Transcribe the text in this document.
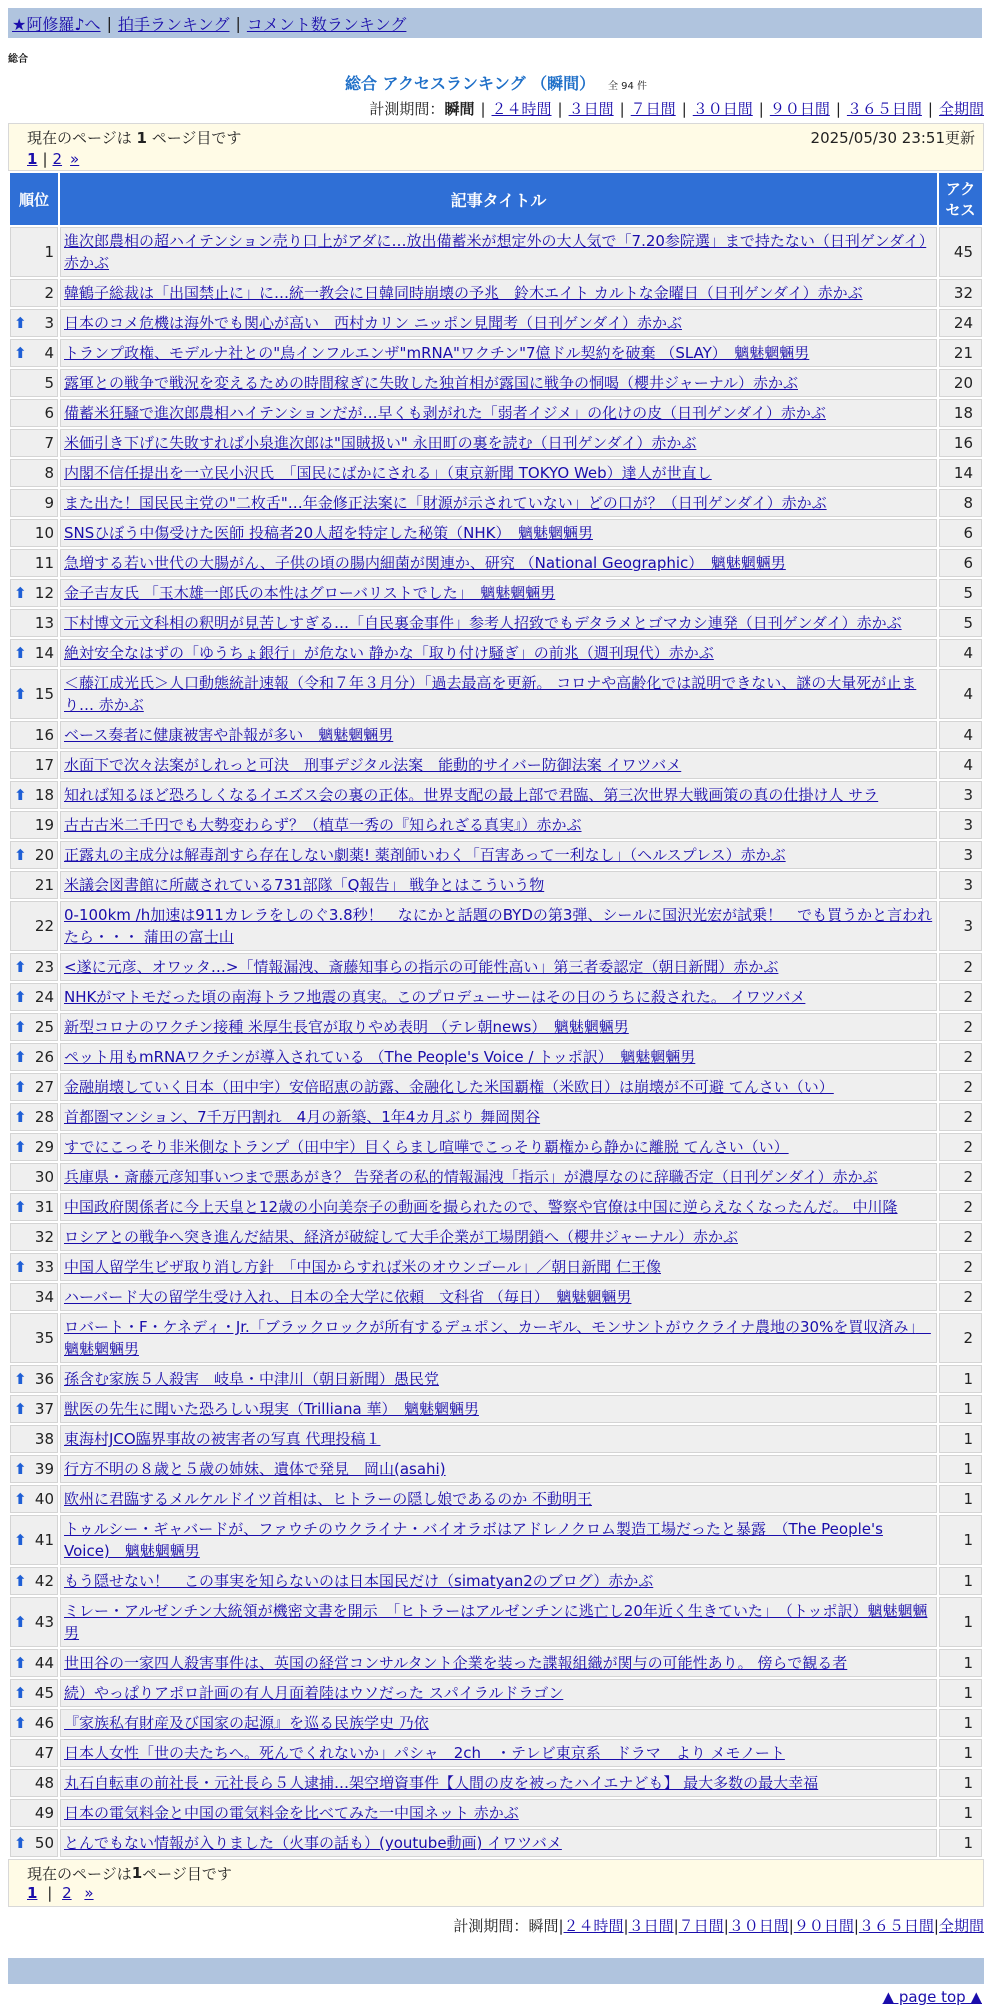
★阿修羅♪へ | 拍手ランキング | コメント数ランキング
総合
総合 アクセスランキング （瞬間） 全 94 件
計測期間：瞬間 | ２４時間 | ３日間 | ７日間 | ３０日間 | ９０日間 | ３６５日間 | 全期間
現在のページは 1 ページ目です	2025/05/30 23:51更新
1 | 2 »
順位	記事タイトル	アクセス
1	進次郎農相の超ハイテンション売り口上がアダに…放出備蓄米が想定外の大人気で「7.20参院選」まで持たない（日刊ゲンダイ）赤かぶ	45
2	韓鶴子総裁は「出国禁止に」に…統一教会に日韓同時崩壊の予兆　鈴木エイト カルトな金曜日（日刊ゲンダイ）赤かぶ	32

⬆ 3	日本のコメ危機は海外でも関心が高い　西村カリン ニッポン見聞考（日刊ゲンダイ）赤かぶ	24

⬆ 4	トランプ政権、モデルナ社との"鳥インフルエンザ"mRNA"ワクチン"7億ドル契約を破棄 （SLAY）　魑魅魍魎男	21
5	露軍との戦争で戦況を変えるための時間稼ぎに失敗した独首相が露国に戦争の恫喝（櫻井ジャーナル）赤かぶ	20
6	備蓄米狂騒で進次郎農相ハイテンションだが…早くも剥がれた「弱者イジメ」の化けの皮（日刊ゲンダイ）赤かぶ	18
7	米価引き下げに失敗すれば小泉進次郎は"国賊扱い" 永田町の裏を読む（日刊ゲンダイ）赤かぶ	16
8	内閣不信任提出を一立民小沢氏　「国民にばかにされる」（東京新聞 TOKYO Web）達人が世直し	14
9	また出た！国民民主党の"二枚舌"…年金修正法案に「財源が示されていない」どの口が？（日刊ゲンダイ）赤かぶ	8
10	SNSひぼう中傷受けた医師 投稿者20人超を特定した秘策（NHK）　魑魅魍魎男	6
11	急増する若い世代の大腸がん、子供の頃の腸内細菌が関連か、研究 （National Geographic）　魑魅魍魎男	6

⬆ 12	金子吉友氏 「玉木雄一郎氏の本性はグローバリストでした」　魑魅魍魎男	5
13	下村博文元文科相の釈明が見苦しすぎる…「自民裏金事件」参考人招致でもデタラメとゴマカシ連発（日刊ゲンダイ）赤かぶ	5

⬆ 14	絶対安全なはずの「ゆうちょ銀行」が危ない 静かな「取り付け騒ぎ」の前兆（週刊現代）赤かぶ	4

⬆ 15	＜藤江成光氏＞人口動態統計速報（令和７年３月分）「過去最高を更新。 コロナや高齢化では説明できない、謎の大量死が止まり… 赤かぶ	4
16	ベース奏者に健康被害や訃報が多い　魑魅魍魎男	4
17	水面下で次々法案がしれっと可決　刑事デジタル法案　能動的サイバー防御法案 イワツバメ	4

⬆ 18	知れば知るほど恐ろしくなるイエズス会の裏の正体。世界支配の最上部で君臨、第三次世界大戦画策の真の仕掛け人 サラ	3
19	古古古米二千円でも大勢変わらず？（植草一秀の『知られざる真実』）赤かぶ	3

⬆ 20	正露丸の主成分は解毒剤すら存在しない劇薬! 薬剤師いわく「百害あって一利なし」（ヘルスプレス）赤かぶ	3
21	米議会図書館に所蔵されている731部隊「Q報告」 戦争とはこういう物	3
22	0-100km /h加速は911カレラをしのぐ3.8秒！　なにかと話題のBYDの第3弾、シールに国沢光宏が試乗！　でも買うかと言われたら・・・ 蒲田の富士山	3

⬆ 23	<遂に元彦、オワッタ…>「情報漏洩、斎藤知事らの指示の可能性高い」第三者委認定（朝日新聞）赤かぶ	2

⬆ 24	NHKがマトモだった頃の南海トラフ地震の真実。このプロデューサーはその日のうちに殺された。 イワツバメ	2

⬆ 25	新型コロナのワクチン接種 米厚生長官が取りやめ表明 （テレ朝news）　魑魅魍魎男	2

⬆ 26	ペット用もmRNAワクチンが導入されている （The People's Voice / トッポ訳）　魑魅魍魎男	2

⬆ 27	金融崩壊していく日本（田中宇）安倍昭恵の訪露、金融化した米国覇権（米欧日）は崩壊が不可避 てんさい（い）	2

⬆ 28	首都圏マンション、7千万円割れ　4月の新築、1年4カ月ぶり 舞岡関谷	2

⬆ 29	すでにこっそり非米側なトランプ（田中宇）目くらまし喧嘩でこっそり覇権から静かに離脱 てんさい（い）	2
30	兵庫県・斎藤元彦知事いつまで悪あがき？ 告発者の私的情報漏洩「指示」が濃厚なのに辞職否定（日刊ゲンダイ）赤かぶ	2

⬆ 31	中国政府関係者に今上天皇と12歳の小向美奈子の動画を撮られたので、警察や官僚は中国に逆らえなくなったんだ。 中川隆	2
32	ロシアとの戦争へ突き進んだ結果、経済が破綻して大手企業が工場閉鎖へ（櫻井ジャーナル）赤かぶ	2

⬆ 33	中国人留学生ビザ取り消し方針　「中国からすれば米のオウンゴール」／朝日新聞 仁王像	2
34	ハーバード大の留学生受け入れ、日本の全大学に依頼　文科省 （毎日）　魑魅魍魎男	2
35	ロバート・F・ケネディ・Jr.「ブラックロックが所有するデュポン、カーギル、モンサントがウクライナ農地の30%を買収済み」　魑魅魍魎男	2

⬆ 36	孫含む家族５人殺害　岐阜・中津川（朝日新聞）愚民党	1

⬆ 37	獣医の先生に聞いた恐ろしい現実（Trilliana 華）　魑魅魍魎男	1
38	東海村JCO臨界事故の被害者の写真 代理投稿１	1

⬆ 39	行方不明の８歳と５歳の姉妹、遺体で発見　岡山(asahi)	1

⬆ 40	欧州に君臨するメルケルドイツ首相は、ヒトラーの隠し娘であるのか 不動明王	1

⬆ 41	トゥルシー・ギャバードが、ファウチのウクライナ・バイオラボはアドレノクロム製造工場だったと暴露　（The People's Voice)　魑魅魍魎男	1

⬆ 42	もう隠せない！　この事実を知らないのは日本国民だけ（simatyan2のブログ）赤かぶ	1

⬆ 43	ミレー・アルゼンチン大統領が機密文書を開示　「ヒトラーはアルゼンチンに逃亡し20年近く生きていた」　（トッポ訳）魑魅魍魎男	1

⬆ 44	世田谷の一家四人殺害事件は、英国の経営コンサルタント企業を装った諜報組織が関与の可能性あり。 傍らで観る者	1

⬆ 45	続）やっぱりアポロ計画の有人月面着陸はウソだった スパイラルドラゴン	1

⬆ 46	『家族私有財産及び国家の起源』を巡る民族学史 乃依	1
47	日本人女性「世の夫たちへ。死んでくれないか」パシャ　2ch　・テレビ東京系　ドラマ　より メモノート	1
48	丸石自転車の前社長・元社長ら５人逮捕…架空増資事件【人間の皮を被ったハイエナども】 最大多数の最大幸福	1
49	日本の電気料金と中国の電気料金を比べてみた一中国ネット 赤かぶ	1

⬆ 50	とんでもない情報が入りました（火事の話も）(youtube動画) イワツバメ	1
現在のページは 1 ページ目です
1 | 2 »
計測期間：瞬間|２４時間|３日間|７日間|３０日間|９０日間|３６５日間|全期間
▲ page top ▲
